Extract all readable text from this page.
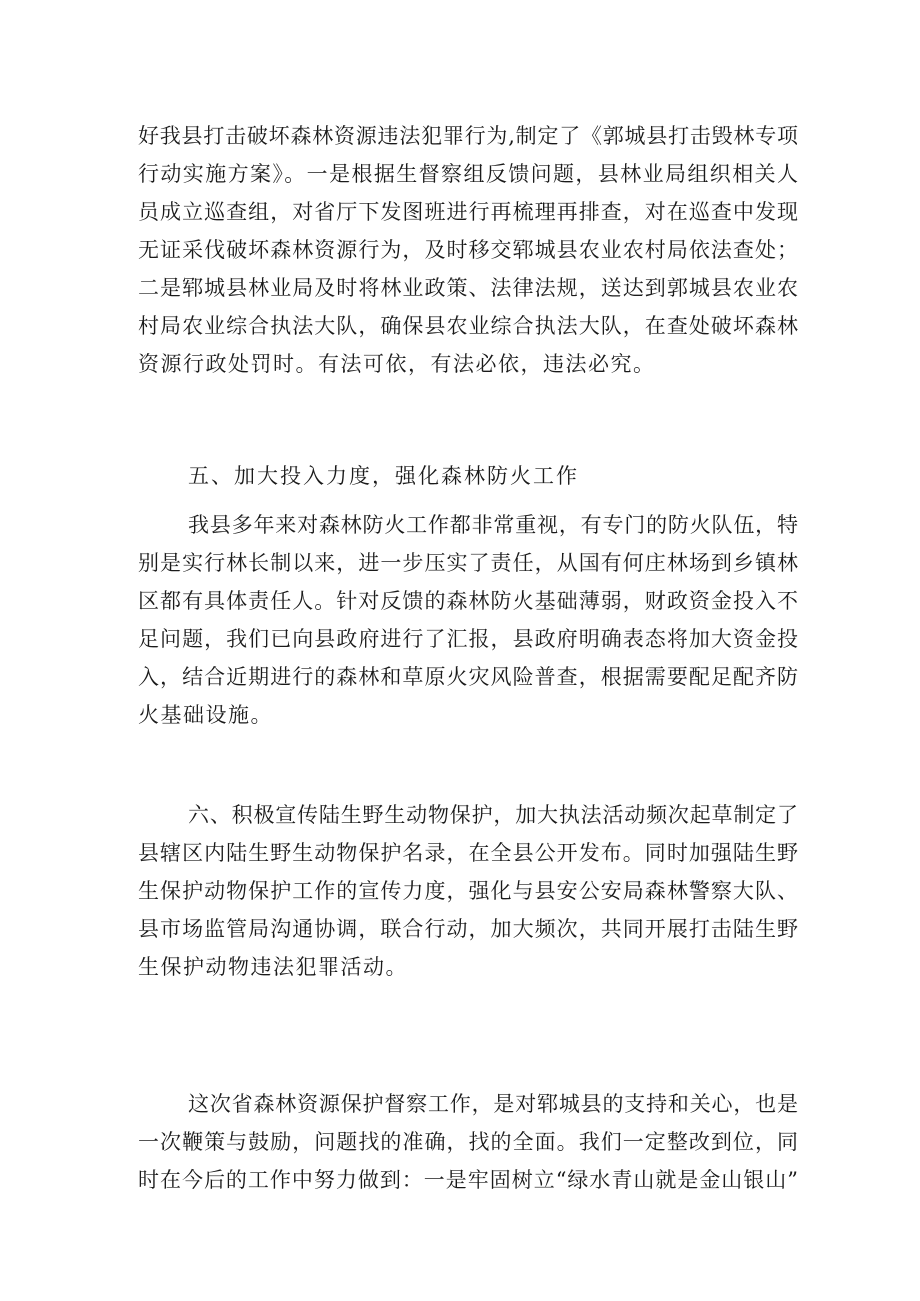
好我县打击破坏森林资源违法犯罪行为,制定了《郭城县打击毁林专项
行动实施方案》。一是根据生督察组反馈问题，县林业局组织相关人
员成立巡查组，对省厅下发图班进行再梳理再排查，对在巡查中发现
无证采伐破坏森林资源行为，及时移交郓城县农业农村局依法查处；
二是郓城县林业局及时将林业政策、法律法规，送达到郭城县农业农
村局农业综合执法大队，确保县农业综合执法大队，在查处破坏森林
资源行政处罚时。有法可依，有法必依，违法必究。
五、加大投入力度，强化森林防火工作
我县多年来对森林防火工作都非常重视，有专门的防火队伍，特
别是实行林长制以来，进一步压实了责任，从国有何庄林场到乡镇林
区都有具体责任人。针对反馈的森林防火基础薄弱，财政资金投入不
足问题，我们已向县政府进行了汇报，县政府明确表态将加大资金投
入，结合近期进行的森林和草原火灾风险普查，根据需要配足配齐防
火基础设施。
六、积极宣传陆生野生动物保护，加大执法活动频次起草制定了
县辖区内陆生野生动物保护名录，在全县公开发布。同时加强陆生野
生保护动物保护工作的宣传力度，强化与县安公安局森林警察大队、
县市场监管局沟通协调，联合行动，加大频次，共同开展打击陆生野
生保护动物违法犯罪活动。
这次省森林资源保护督察工作，是对郓城县的支持和关心，也是
一次鞭策与鼓励，问题找的准确，找的全面。我们一定整改到位，同
时在今后的工作中努力做到：一是牢固树立“绿水青山就是金山银山”
